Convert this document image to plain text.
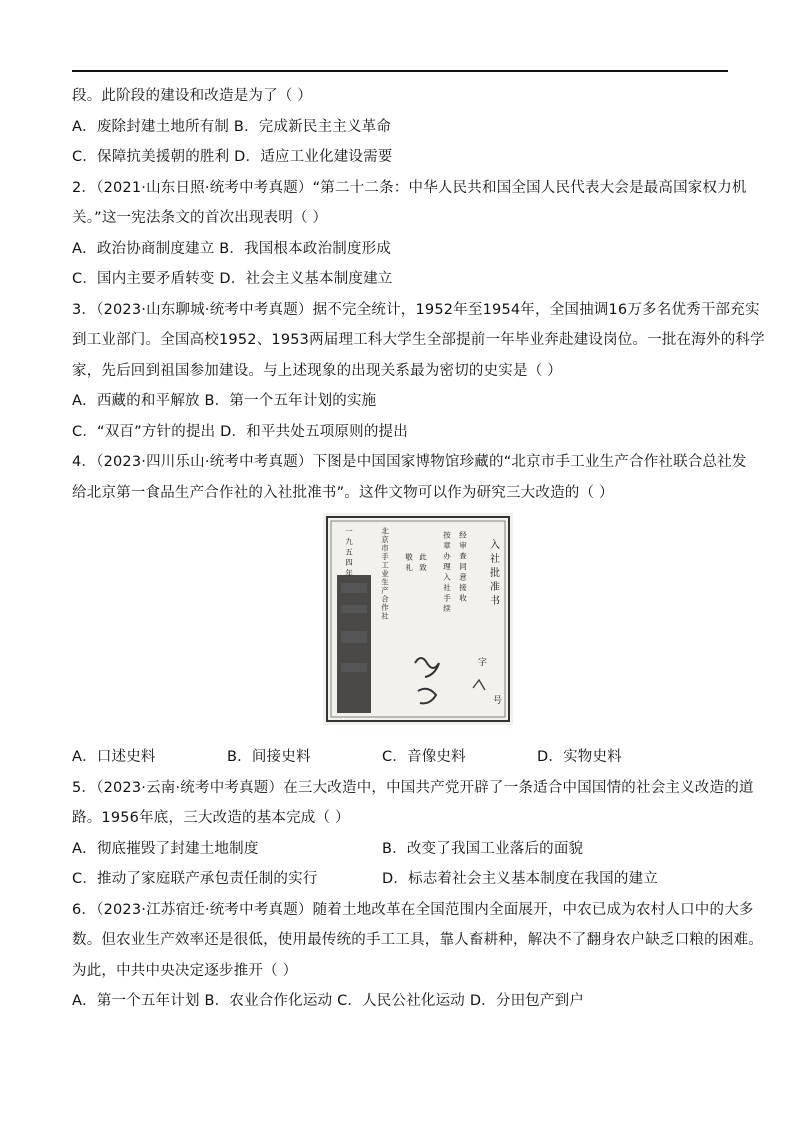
段。此阶段的建设和改造是为了（ ）
A．废除封建土地所有制 B．完成新民主主义革命
C．保障抗美援朝的胜利 D．适应工业化建设需要
2．（2021·山东日照·统考中考真题）“第二十二条：中华人民共和国全国人民代表大会是最高国家权力机
关。”这一宪法条文的首次出现表明（ ）
A．政治协商制度建立 B．我国根本政治制度形成
C．国内主要矛盾转变 D．社会主义基本制度建立
3．（2023·山东聊城·统考中考真题）据不完全统计，1952年至1954年，全国抽调16万多名优秀干部充实
到工业部门。全国高校1952、1953两届理工科大学生全部提前一年毕业奔赴建设岗位。一批在海外的科学
家，先后回到祖国参加建设。与上述现象的出现关系最为密切的史实是（ ）
A．西藏的和平解放 B．第一个五年计划的实施
C．“双百”方针的提出 D．和平共处五项原则的提出
4．（2023·四川乐山·统考中考真题）下图是中国国家博物馆珍藏的“北京市手工业生产合作社联合总社发
给北京第一食品生产合作社的入社批准书”。这件文物可以作为研究三大改造的（ ）
入社批准书
字
号
经审查同意接收
按章办理入社手续
此致
敬礼
北京市手工业生产合作社
一九五四年
A．口述史料	B．间接史料	C．音像史料	D．实物史料
5．（2023·云南·统考中考真题）在三大改造中，中国共产党开辟了一条适合中国国情的社会主义改造的道
路。1956年底，三大改造的基本完成（ ）
A．彻底摧毁了封建土地制度	B．改变了我国工业落后的面貌
C．推动了家庭联产承包责任制的实行	D．标志着社会主义基本制度在我国的建立
6．（2023·江苏宿迁·统考中考真题）随着土地改革在全国范围内全面展开，中农已成为农村人口中的大多
数。但农业生产效率还是很低，使用最传统的手工工具，靠人畜耕种，解决不了翻身农户缺乏口粮的困难。
为此，中共中央决定逐步推开（ ）
A．第一个五年计划 B．农业合作化运动 C．人民公社化运动 D．分田包产到户
